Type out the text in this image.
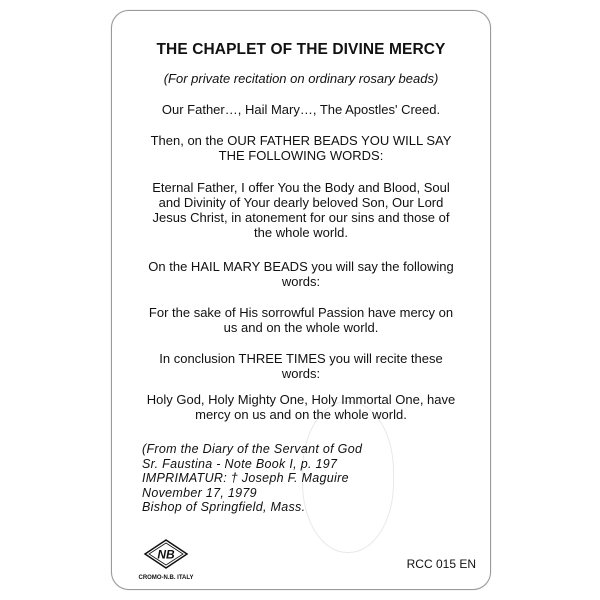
THE CHAPLET OF THE DIVINE MERCY
(For private recitation on ordinary rosary beads)
Our Father…, Hail Mary…, The Apostles' Creed.
Then, on the OUR FATHER BEADS YOU WILL SAY THE FOLLOWING WORDS:
Eternal Father, I offer You the Body and Blood, Soul and Divinity of Your dearly beloved Son, Our Lord Jesus Christ, in atonement for our sins and those of the whole world.
On the HAIL MARY BEADS you will say the following words:
For the sake of His sorrowful Passion have mercy on us and on the whole world.
In conclusion THREE TIMES you will recite these words:
Holy God, Holy Mighty One, Holy Immortal One, have mercy on us and on the whole world.
(From the Diary of the Servant of God
Sr. Faustina - Note Book I, p. 197
IMPRIMATUR: † Joseph F. Maguire
November 17, 1979
Bishop of Springfield, Mass.
NB
CROMO-N.B. ITALY
RCC 015 EN
